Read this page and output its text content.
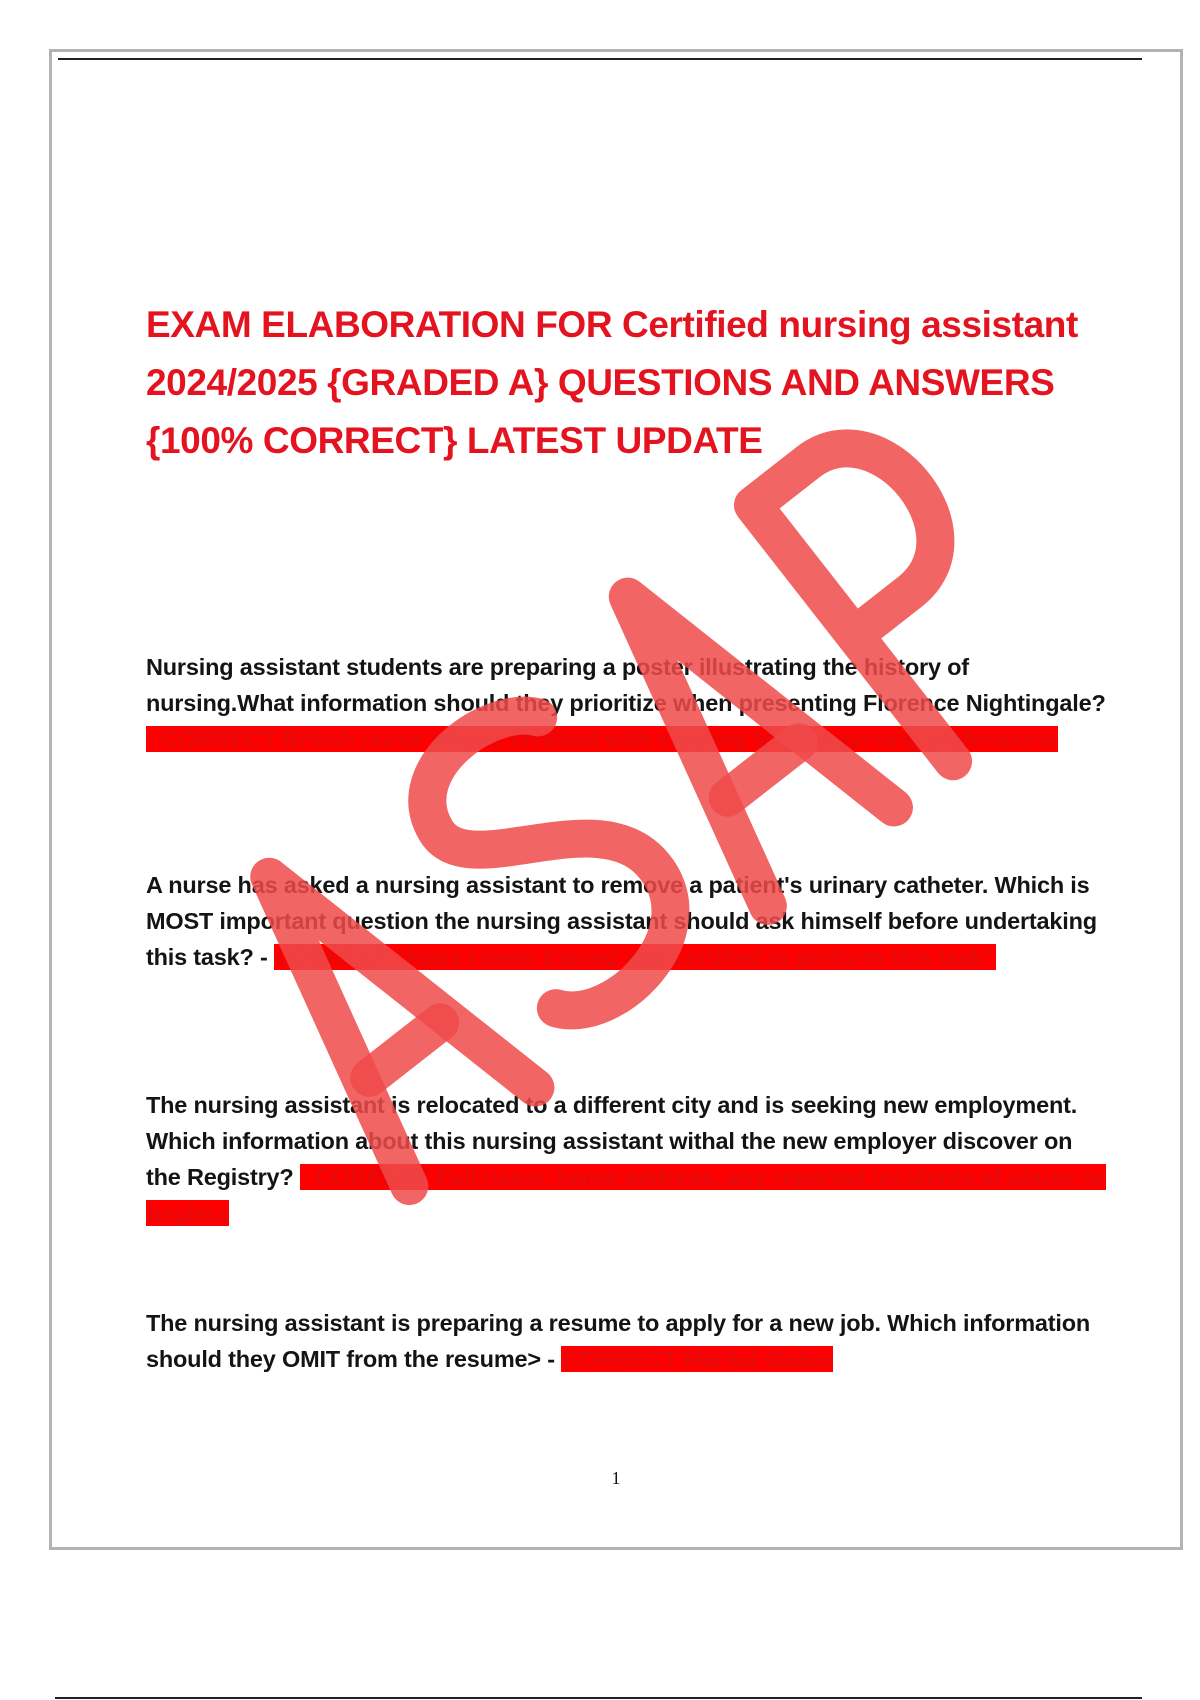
EXAM ELABORATION FOR Certified nursing assistant 2024/2025 {GRADED A} QUESTIONS AND ANSWERS {100% CORRECT} LATEST UPDATE

Nursing assistant students are preparing a poster illustrating the history of nursing.What information should they prioritize when presenting Florence Nightingale? - CORRECT British nurse who is credited with creating todays nursing professions

A nurse has asked a nursing assistant to remove a patient's urinary catheter. Which is MOST important question the nursing assistant should ask himself before undertaking this task? - CORRECT "Have I been trained and certified to perform this task"

The nursing assistant is relocated to a different city and is seeking new employment. Which information about this nursing assistant withal the new employer discover on the Registry? - CORRECT Full name, home address, any reported incidents of abuse or neglect

The nursing assistant is preparing a resume to apply for a new job. Which information should they OMIT from the resume> - CORRECT Marital status

1
